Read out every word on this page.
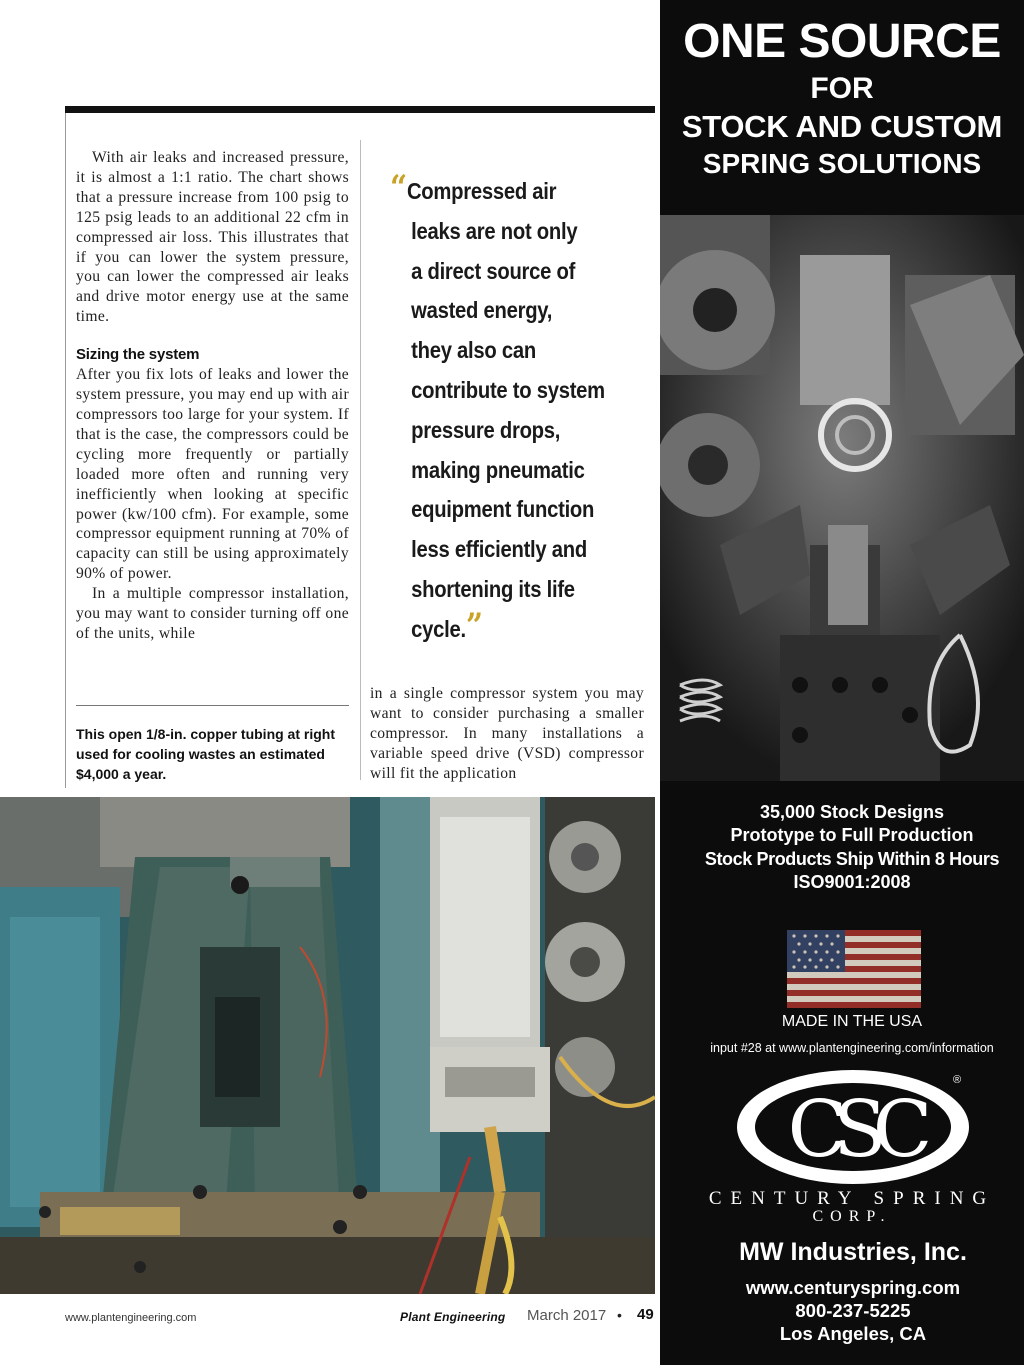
With air leaks and increased pressure, it is almost a 1:1 ratio. The chart shows that a pressure increase from 100 psig to 125 psig leads to an additional 22 cfm in compressed air loss. This illustrates that if you can lower the system pressure, you can lower the compressed air leaks and drive motor energy use at the same time.

Sizing the system

After you fix lots of leaks and lower the system pressure, you may end up with air compressors too large for your system. If that is the case, the compressors could be cycling more frequently or partially loaded more often and running very inefficiently when looking at specific power (kw/100 cfm). For example, some compressor equipment running at 70% of capacity can still be using approximately 90% of power.

In a multiple compressor installation, you may want to consider turning off one of the units, while

This open 1/8-in. copper tubing at right used for cooling wastes an estimated $4,000 a year.
“Compressed air
leaks are not only
a direct source of
wasted energy,
they also can
contribute to system
pressure drops,
making pneumatic
equipment function
less efficiently and
shortening its life
cycle.”

in a single compressor system you may want to consider purchasing a smaller compressor. In many installations a variable speed drive (VSD) compressor will fit the application

www.plantengineering.com	Plant Engineering March 2017 • 49
ONE SOURCE
FOR
STOCK AND CUSTOM
SPRING SOLUTIONS
35,000 Stock Designs
Prototype to Full Production
Stock Products Ship Within 8 Hours
ISO9001:2008
MADE IN THE USA
input #28 at www.plantengineering.com/information
CSC
®
CENTURY SPRING
CORP.
MW Industries, Inc.
www.centuryspring.com
800-237-5225
Los Angeles, CA
